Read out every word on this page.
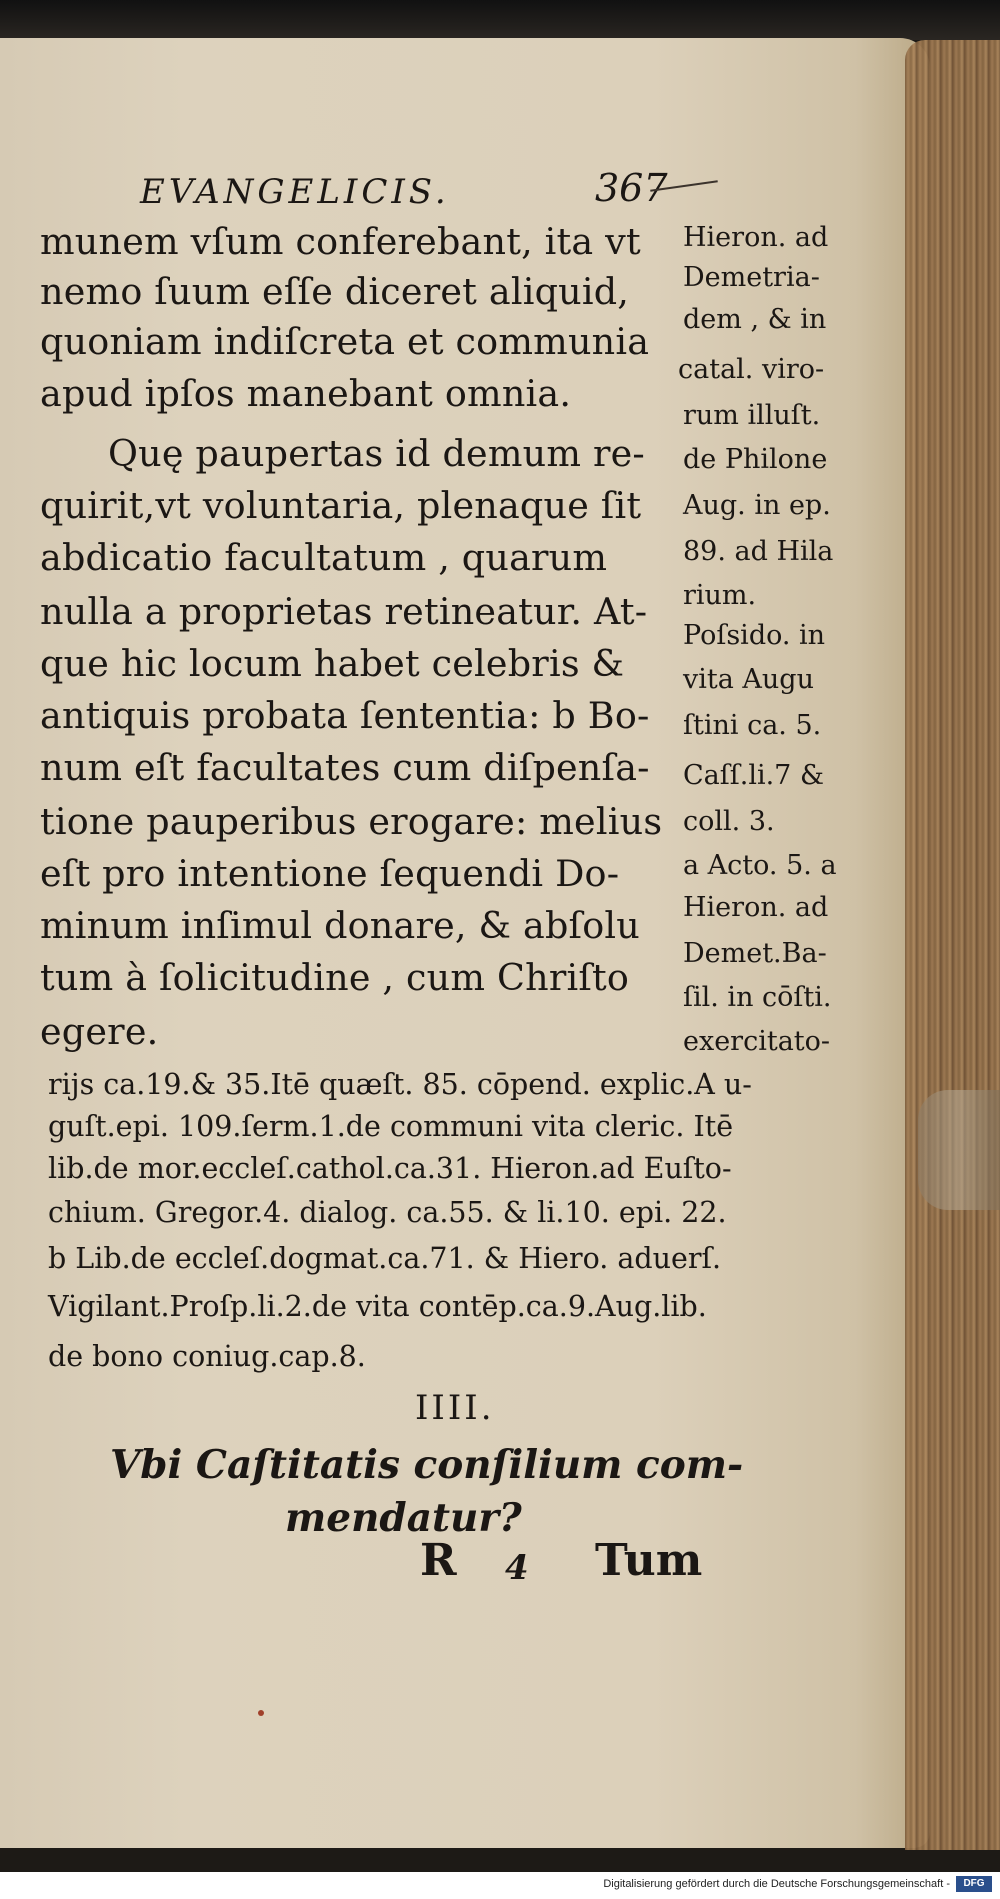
EVANGELICIS.	367
munem vſum conferebant, ita vt
nemo ſuum eſſe diceret aliquid,
quoniam indiſcreta et communia
apud ipſos manebant omnia.
Quę paupertas id demum re-
quirit,vt voluntaria, plenaque ſit
abdicatio facultatum , quarum
nulla a proprietas retineatur. At-
que hic locum habet celebris &
antiquis probata ſententia: b Bo-
num eſt facultates cum diſpenſa-
tione pauperibus erogare: melius
eſt pro intentione ſequendi Do-
minum inſimul donare, & abſolu
tum à ſolicitudine , cum Chriſto
egere.
Hieron. ad
Demetria-
dem , & in
catal. viro-
rum illuſt.
de Philone
Aug. in ep.
89. ad Hila
rium.
Poſsido. in
vita Augu
ſtini ca. 5.
Caſſ.li.7 &
coll. 3.
a Acto. 5. a
Hieron. ad
Demet.Ba-
ſil. in cōſti.
exercitato-
rijs ca.19.& 35.Itē quæſt. 85. cōpend. explic.A u-
guſt.epi. 109.ſerm.1.de communi vita cleric. Itē
lib.de mor.eccleſ.cathol.ca.31. Hieron.ad Euſto-
chium. Gregor.4. dialog. ca.55. & li.10. epi. 22.
b Lib.de eccleſ.dogmat.ca.71. & Hiero. aduerſ.
Vigilant.Proſp.li.2.de vita contēp.ca.9.Aug.lib.
de bono coniug.cap.8.
IIII.
Vbi Caſtitatis conſilium com-
mendatur?
R 4 Tum
Digitalisierung gefördert durch die Deutsche Forschungsgemeinschaft -	DFG
